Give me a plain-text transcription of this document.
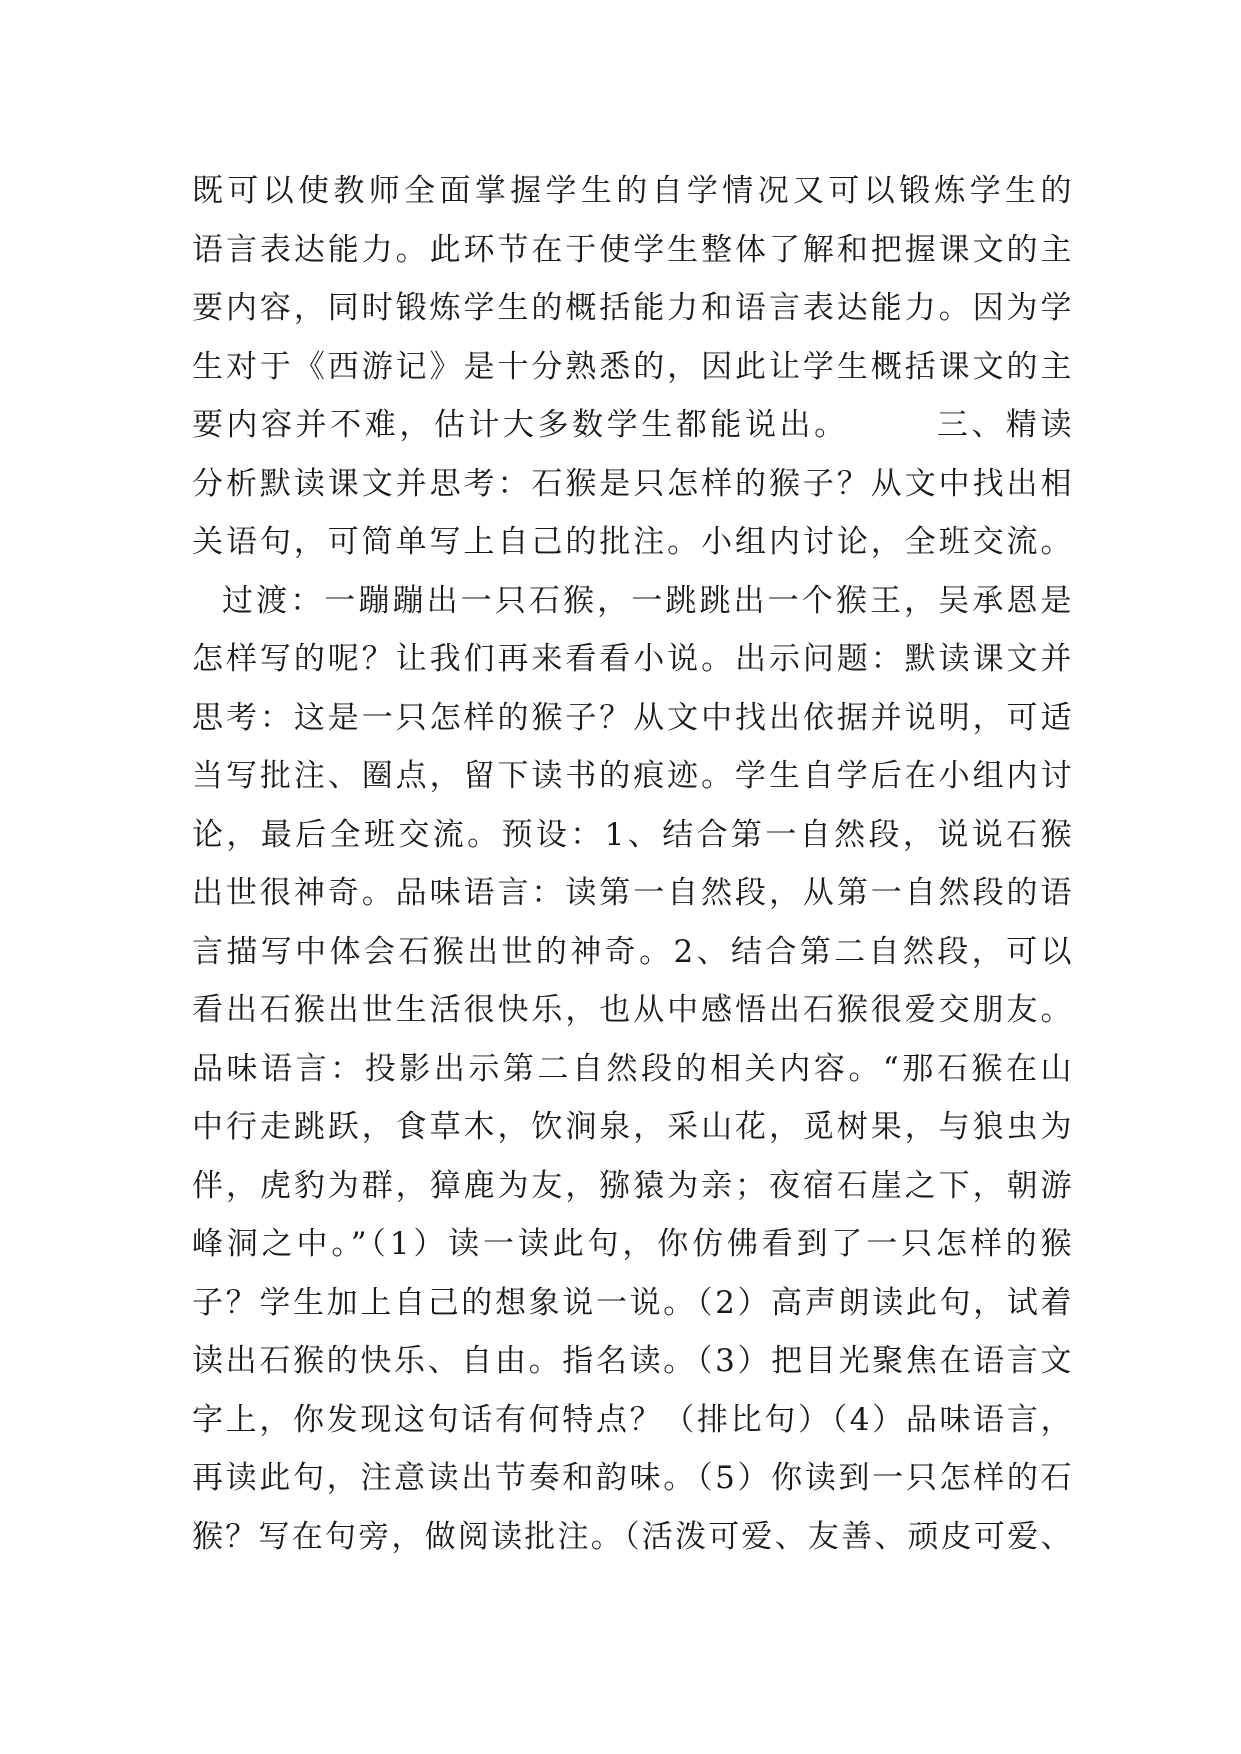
既可以使教师全面掌握学生的自学情况又可以锻炼学生的
语言表达能力。此环节在于使学生整体了解和把握课文的主
要内容，同时锻炼学生的概括能力和语言表达能力。因为学
生对于《西游记》是十分熟悉的，因此让学生概括课文的主
要内容并不难，估计大多数学生都能说出。　　　三、精读
分析默读课文并思考：石猴是只怎样的猴子？从文中找出相
关语句，可简单写上自己的批注。小组内讨论，全班交流。
过渡：一蹦蹦出一只石猴，一跳跳出一个猴王，吴承恩是
怎样写的呢？让我们再来看看小说。出示问题：默读课文并
思考：这是一只怎样的猴子？从文中找出依据并说明，可适
当写批注、圈点，留下读书的痕迹。学生自学后在小组内讨
论，最后全班交流。预设：1、结合第一自然段，说说石猴
出世很神奇。品味语言：读第一自然段，从第一自然段的语
言描写中体会石猴出世的神奇。2、结合第二自然段，可以
看出石猴出世生活很快乐，也从中感悟出石猴很爱交朋友。
品味语言：投影出示第二自然段的相关内容。“那石猴在山
中行走跳跃，食草木，饮涧泉，采山花，觅树果，与狼虫为
伴，虎豹为群，獐鹿为友，猕猿为亲；夜宿石崖之下，朝游
峰洞之中。”（1）读一读此句，你仿佛看到了一只怎样的猴
子？学生加上自己的想象说一说。（2）高声朗读此句，试着
读出石猴的快乐、自由。指名读。（3）把目光聚焦在语言文
字上，你发现这句话有何特点？（排比句）（4）品味语言，
再读此句，注意读出节奏和韵味。（5）你读到一只怎样的石
猴？写在句旁，做阅读批注。（活泼可爱、友善、顽皮可爱、
